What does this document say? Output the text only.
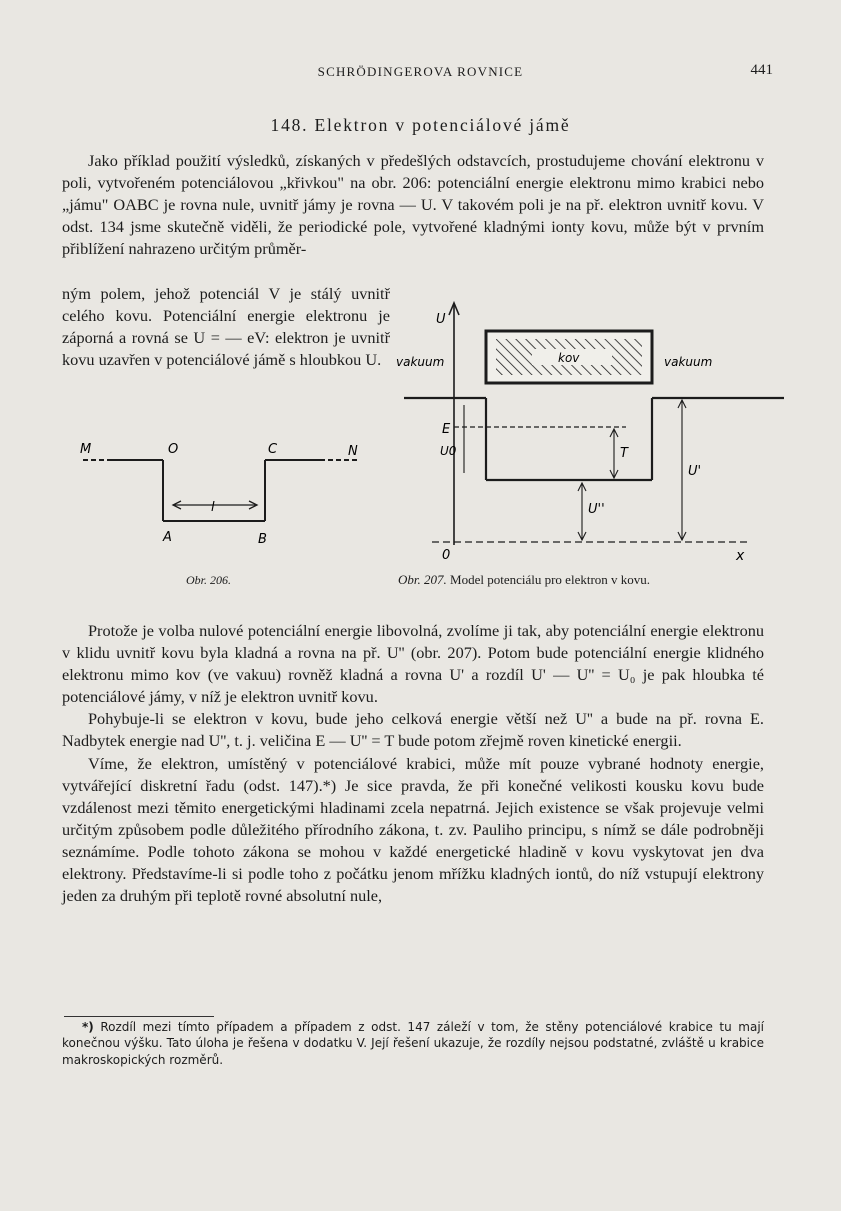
SCHRÖDINGEROVA ROVNICE	441
148. Elektron v potenciálové jámě

Jako příklad použití výsledků, získaných v předešlých odstavcích, prostudujeme chování elektronu v poli, vytvořeném potenciálovou „křivkou" na obr. 206: potenciální energie elektronu mimo krabici nebo „jámu" OABC je rovna nule, uvnitř jámy je rovna — U. V takovém poli je na př. elektron uvnitř kovu. V odst. 134 jsme skutečně viděli, že periodické pole, vytvořené kladnými ionty kovu, může být v prvním přiblížení nahrazeno určitým průměr-

ným polem, jehož potenciál V je stálý uvnitř celého kovu. Potenciální energie elektronu je záporná a rovná se U = — eV: elektron je uvnitř kovu uzavřen v potenciálové jámě s hloubkou U.

M	O	C	N
l
A	B
Obr. 206.
U
x
0
vakuum	kov	vakuum
E
U0	T
U'
U''
Obr. 207. Model potenciálu pro elektron v kovu.

Protože je volba nulové potenciální energie libovolná, zvolíme ji tak, aby potenciální energie elektronu v klidu uvnitř kovu byla kladná a rovna na př. U'' (obr. 207). Potom bude potenciální energie klidného elektronu mimo kov (ve vakuu) rovněž kladná a rovna U' a rozdíl U' — U'' = U₀ je pak hloubka té potenciálové jámy, v níž je elektron uvnitř kovu.

Pohybuje-li se elektron v kovu, bude jeho celková energie větší než U'' a bude na př. rovna E. Nadbytek energie nad U'', t. j. veličina E — U'' = T bude potom zřejmě roven kinetické energii.

Víme, že elektron, umístěný v potenciálové krabici, může mít pouze vybrané hodnoty energie, vytvářející diskretní řadu (odst. 147).*) Je sice pravda, že při konečné velikosti kousku kovu bude vzdálenost mezi těmito energetickými hladinami zcela nepatrná. Jejich existence se však projevuje velmi určitým způsobem podle důležitého přírodního zákona, t. zv. Pauliho principu, s nímž se dále podrobněji seznámíme. Podle tohoto zákona se mohou v každé energetické hladině v kovu vyskytovat jen dva elektrony. Představíme-li si podle toho z počátku jenom mřížku kladných iontů, do níž vstupují elektrony jeden za druhým při teplotě rovné absolutní nule,

*) Rozdíl mezi tímto případem a případem z odst. 147 záleží v tom, že stěny potenciálové krabice tu mají konečnou výšku. Tato úloha je řešena v dodatku V. Její řešení ukazuje, že rozdíly nejsou podstatné, zvláště u krabice makroskopických rozměrů.
